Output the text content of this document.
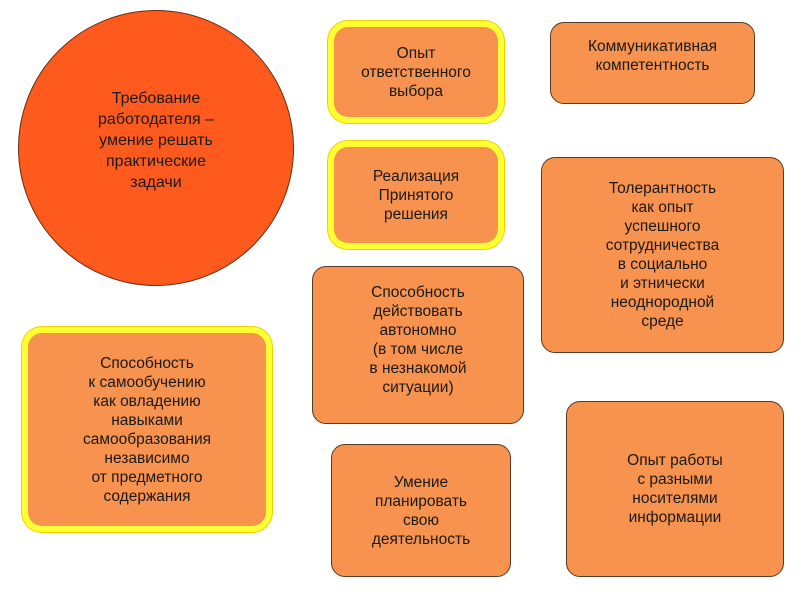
Требование
работодателя –
умение решать
практические
задачи
Опыт
ответственного
выбора
Коммуникативная
компетентность
Реализация
Принятого
решения
Толерантность
как опыт
успешного
сотрудничества
в социально
и этнически
неоднородной
среде
Способность
действовать
автономно
(в том числе
в незнакомой
ситуации)
Способность
к самообучению
как овладению
навыками
самообразования
независимо
от предметного
содержания
Умение
планировать
свою
деятельность
Опыт работы
с разными
носителями
информации
